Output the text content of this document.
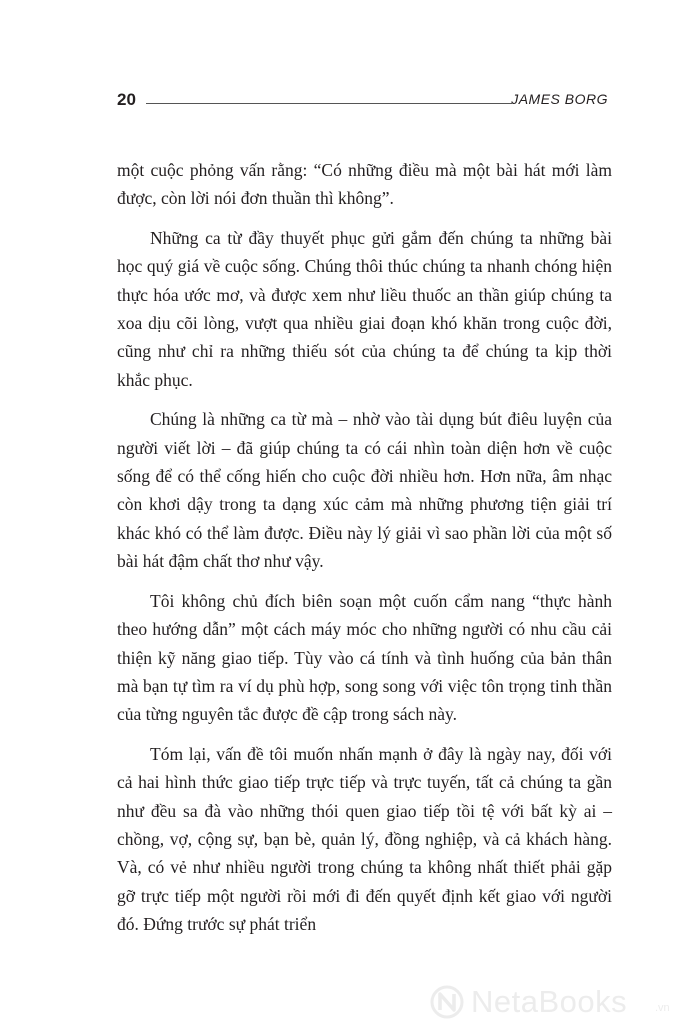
20	JAMES BORG

một cuộc phỏng vấn rằng: “Có những điều mà một bài hát mới làm được, còn lời nói đơn thuần thì không”.

Những ca từ đầy thuyết phục gửi gắm đến chúng ta những bài học quý giá về cuộc sống. Chúng thôi thúc chúng ta nhanh chóng hiện thực hóa ước mơ, và được xem như liều thuốc an thần giúp chúng ta xoa dịu cõi lòng, vượt qua nhiều giai đoạn khó khăn trong cuộc đời, cũng như chỉ ra những thiếu sót của chúng ta để chúng ta kịp thời khắc phục.

Chúng là những ca từ mà – nhờ vào tài dụng bút điêu luyện của người viết lời – đã giúp chúng ta có cái nhìn toàn diện hơn về cuộc sống để có thể cống hiến cho cuộc đời nhiều hơn. Hơn nữa, âm nhạc còn khơi dậy trong ta dạng xúc cảm mà những phương tiện giải trí khác khó có thể làm được. Điều này lý giải vì sao phần lời của một số bài hát đậm chất thơ như vậy.

Tôi không chủ đích biên soạn một cuốn cẩm nang “thực hành theo hướng dẫn” một cách máy móc cho những người có nhu cầu cải thiện kỹ năng giao tiếp. Tùy vào cá tính và tình huống của bản thân mà bạn tự tìm ra ví dụ phù hợp, song song với việc tôn trọng tinh thần của từng nguyên tắc được đề cập trong sách này.

Tóm lại, vấn đề tôi muốn nhấn mạnh ở đây là ngày nay, đối với cả hai hình thức giao tiếp trực tiếp và trực tuyến, tất cả chúng ta gần như đều sa đà vào những thói quen giao tiếp tồi tệ với bất kỳ ai – chồng, vợ, cộng sự, bạn bè, quản lý, đồng nghiệp, và cả khách hàng. Và, có vẻ như nhiều người trong chúng ta không nhất thiết phải gặp gỡ trực tiếp một người rồi mới đi đến quyết định kết giao với người đó. Đứng trước sự phát triển

NetaBooks	.vn
